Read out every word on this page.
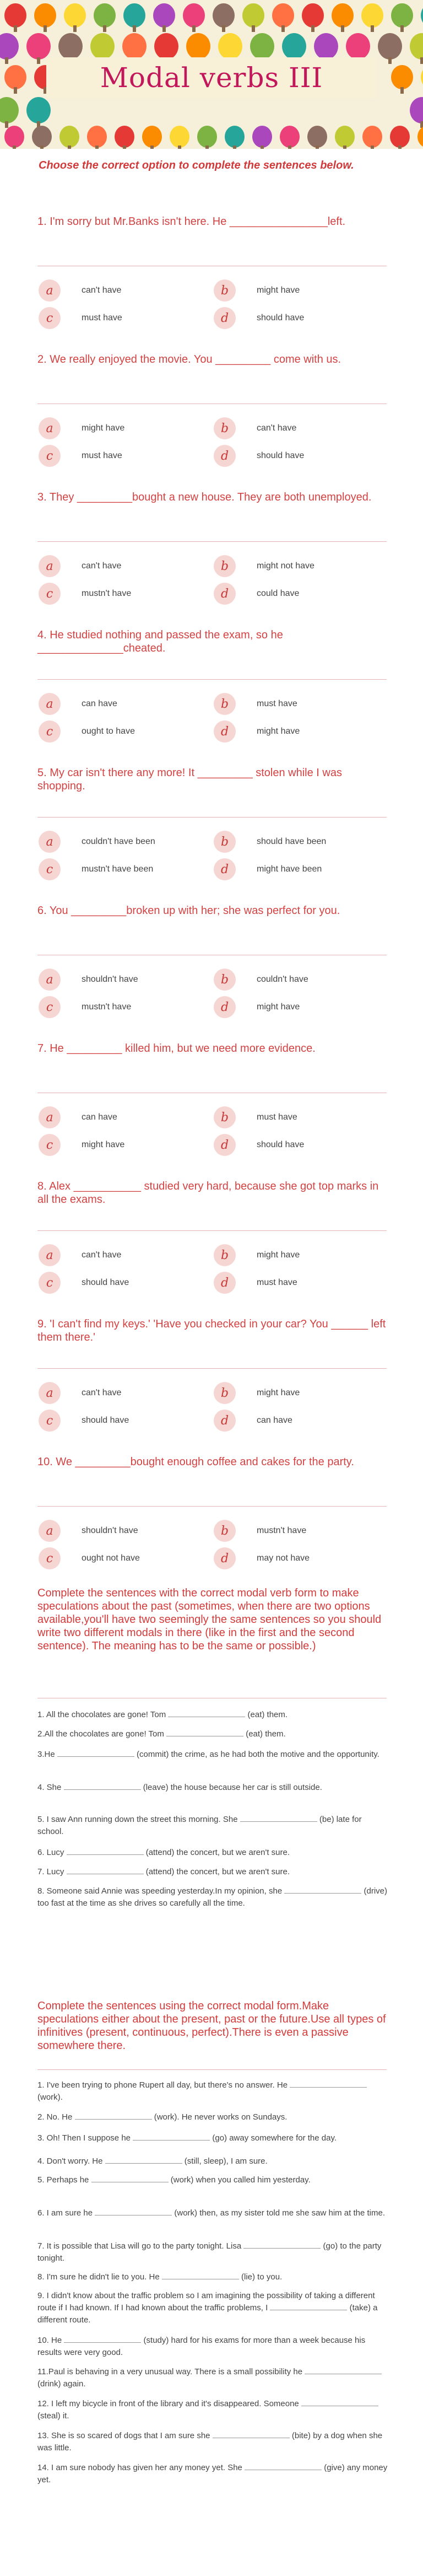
Modal verbs III
Choose the correct option to complete the sentences below.
1. I'm sorry but Mr.Banks isn't here. He ________________left.
a	can't have	b	might have
c	must have	d	should have
2. We really enjoyed the movie. You _________ come with us.
a	might have	b	can't have
c	must have	d	should have
3. They _________bought a new house. They are both unemployed.
a	can't have	b	might not have
c	mustn't have	d	could have
4. He studied nothing and passed the exam, so he ______________cheated.
a	can have	b	must have
c	ought to have	d	might have
5. My car isn't there any more! It _________ stolen while I was shopping.
a	couldn't have been	b	should have been
c	mustn't have been	d	might have been
6. You _________broken up with her; she was perfect for you.
a	shouldn't have	b	couldn't have
c	mustn't have	d	might have
7. He _________ killed him, but we need more evidence.
a	can have	b	must have
c	might have	d	should have
8. Alex ___________ studied very hard, because she got top marks in all the exams.
a	can't have	b	might have
c	should have	d	must have
9. 'I can't find my keys.' 'Have you checked in your car? You ______ left them there.'
a	can't have	b	might have
c	should have	d	can have
10. We _________bought enough coffee and cakes for the party.
a	shouldn't have	b	mustn't have
c	ought not have	d	may not have
Complete the sentences with the correct modal verb form to make speculations about the past (sometimes, when there are two options available,you'll have two seemingly the same sentences so you should write two different modals in there (like in the first and the second sentence). The meaning has to be the same or possible.)
1. All the chocolates are gone! Tom	(eat) them.
2.All the chocolates are gone! Tom	(eat) them.
3.He	(commit) the crime, as he had both the motive and the opportunity.
4. She	(leave) the house because her car is still outside.
5. I saw Ann running down the street this morning. She	(be) late for school.
6. Lucy	(attend) the concert, but we aren't sure.
7. Lucy	(attend) the concert, but we aren't sure.
8. Someone said Annie was speeding yesterday.In my opinion, she	(drive) too fast at the time as she drives so carefully all the time.
Complete the sentences using the correct modal form.Make speculations either about the present, past or the future.Use all types of infinitives (present, continuous, perfect).There is even a passive somewhere there.
1. I've been trying to phone Rupert all day, but there's no answer. He  (work).
2. No. He	(work). He never works on Sundays.
3. Oh! Then I suppose he	(go) away somewhere for the day.
4. Don't worry. He	(still, sleep), I am sure.
5. Perhaps he	(work) when you called him yesterday.
6. I am sure he	(work) then, as my sister told me she saw him at the time.
7. It is possible that Lisa will go to the party tonight. Lisa	(go) to the party tonight.
8. I'm sure he didn't lie to you. He	(lie) to you.
9. I didn't know about the traffic problem so I am imagining the possibility of taking a different route if I had known. If I had known about the traffic problems, I	(take) a different route.
10. He	(study) hard for his exams for more than a week because his results were very good.
11.Paul is behaving in a very unusual way. There is a small possibility he  (drink) again.
12. I left my bicycle in front of the library and it's disappeared. Someone  (steal) it.
13. She is so scared of dogs that I am sure she	(bite) by a dog when she was little.
14. I am sure nobody has given her any money yet. She	(give) any money yet.
